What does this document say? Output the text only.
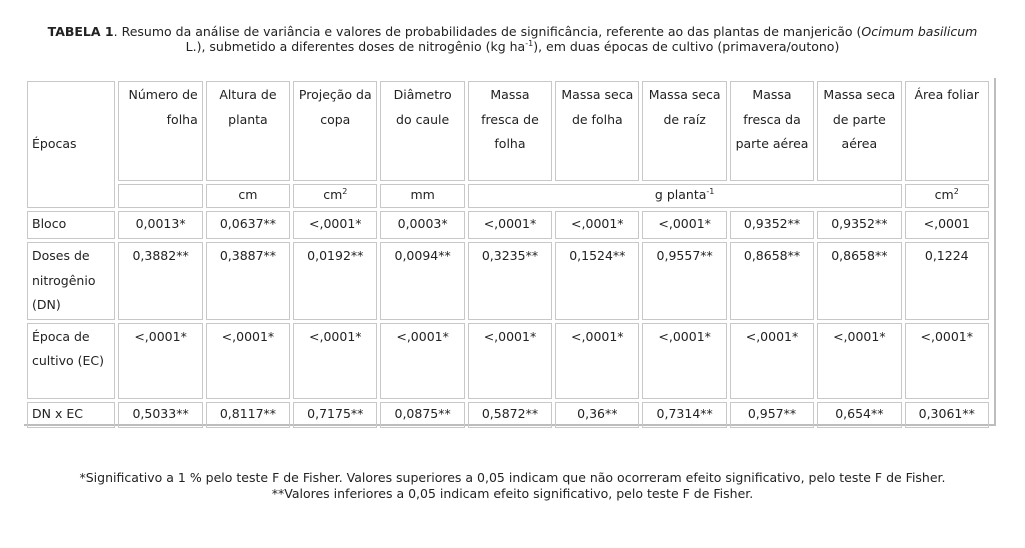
TABELA 1. Resumo da análise de variância e valores de probabilidades de significância, referente ao das plantas de manjericão (Ocimum basilicum L.), submetido a diferentes doses de nitrogênio (kg $ha^{-1}$), em duas épocas de cultivo (primavera/outono)
Épocas	Número de folha	Altura de planta	Projeção da copa	Diâmetro do caule	Massa fresca de folha	Massa seca de folha	Massa seca de raíz	Massa fresca da parte aérea	Massa seca de parte aérea	Área foliar
		cm	$cm^2$	mm	g planta$^{-1}$					$cm^2$
Bloco	0,0013*	0,0637**	<,0001*	0,0003*	<,0001*	<,0001*	<,0001*	0,9352**	0,9352**	<,0001
Doses de nitrogênio (DN)	0,3882**	0,3887**	0,0192**	0,0094**	0,3235**	0,1524**	0,9557**	0,8658**	0,8658**	0,1224
Época de cultivo (EC)	<,0001*	<,0001*	<,0001*	<,0001*	<,0001*	<,0001*	<,0001*	<,0001*	<,0001*	<,0001*
DN x EC	0,5033**	0,8117**	0,7175**	0,0875**	0,5872**	0,36**	0,7314**	0,957**	0,654**	0,3061**
*Significativo a 1 % pelo teste F de Fisher. Valores superiores a 0,05 indicam que não ocorreram efeito significativo, pelo teste F de Fisher.
**Valores inferiores a 0,05 indicam efeito significativo, pelo teste F de Fisher.
